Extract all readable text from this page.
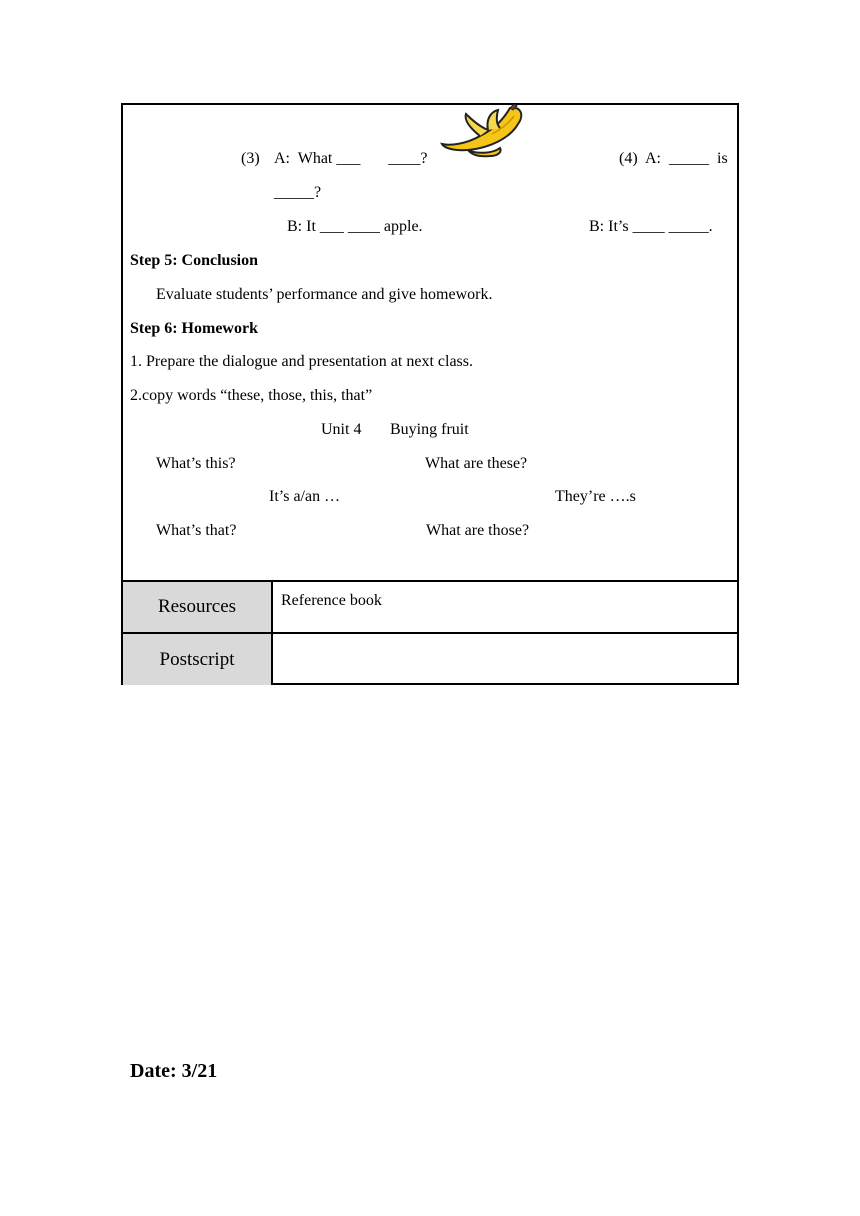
(3) A:  What ___       ____?	(4) A:  _____  is
_____?
B: It ___ ____ apple.	B: It’s ____ _____.
Step 5: Conclusion
Evaluate students’ performance and give homework.
Step 6: Homework
1. Prepare the dialogue and presentation at next class.
2.copy words “these, those, this, that”
Unit 4 Buying fruit
What’s this?	What are these?
It’s a/an …	They’re ….s
What’s that?	What are those?
Resources	Reference book
Postscript
Date: 3/21
